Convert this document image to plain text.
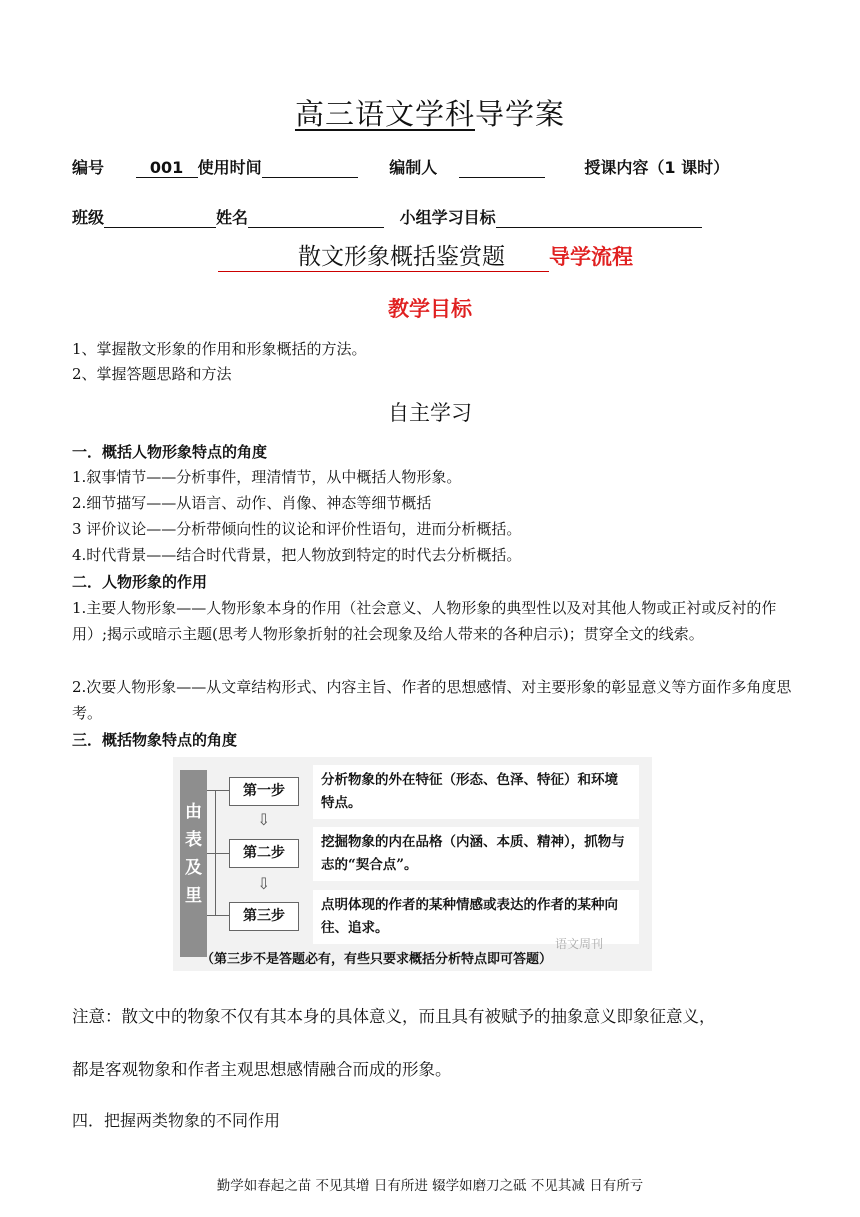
高三语文学科导学案
编号	001 使用时间	编制人	授课内容（1 课时）
班级	姓名	小组学习目标
散文形象概括鉴赏题 导学流程
教学目标
1、掌握散文形象的作用和形象概括的方法。
2、掌握答题思路和方法
自主学习
一．概括人物形象特点的角度
1.叙事情节——分析事件，理清情节，从中概括人物形象。
2.细节描写——从语言、动作、肖像、神态等细节概括
3 评价议论——分析带倾向性的议论和评价性语句，进而分析概括。
4.时代背景——结合时代背景，把人物放到特定的时代去分析概括。
二．人物形象的作用
1.主要人物形象——人物形象本身的作用（社会意义、人物形象的典型性以及对其他人物或正衬或反衬的作用）;揭示或暗示主题(思考人物形象折射的社会现象及给人带来的各种启示)；贯穿全文的线索。
2.次要人物形象——从文章结构形式、内容主旨、作者的思想感情、对主要形象的彰显意义等方面作多角度思考。
三．概括物象特点的角度
由
表
及
里
第一步
分析物象的外在特征（形态、色泽、特征）和环境特点。
⇩
第二步
挖掘物象的内在品格（内涵、本质、精神），抓物与志的“契合点”。
⇩
第三步
点明体现的作者的某种情感或表达的作者的某种向往、追求。
（第三步不是答题必有，有些只要求概括分析特点即可答题）
语文周刊
注意：散文中的物象不仅有其本身的具体意义，而且具有被赋予的抽象意义即象征意义，
都是客观物象和作者主观思想感情融合而成的形象。
四．把握两类物象的不同作用
勤学如春起之苗 不见其增 日有所进 辍学如磨刀之砥 不见其减 日有所亏
